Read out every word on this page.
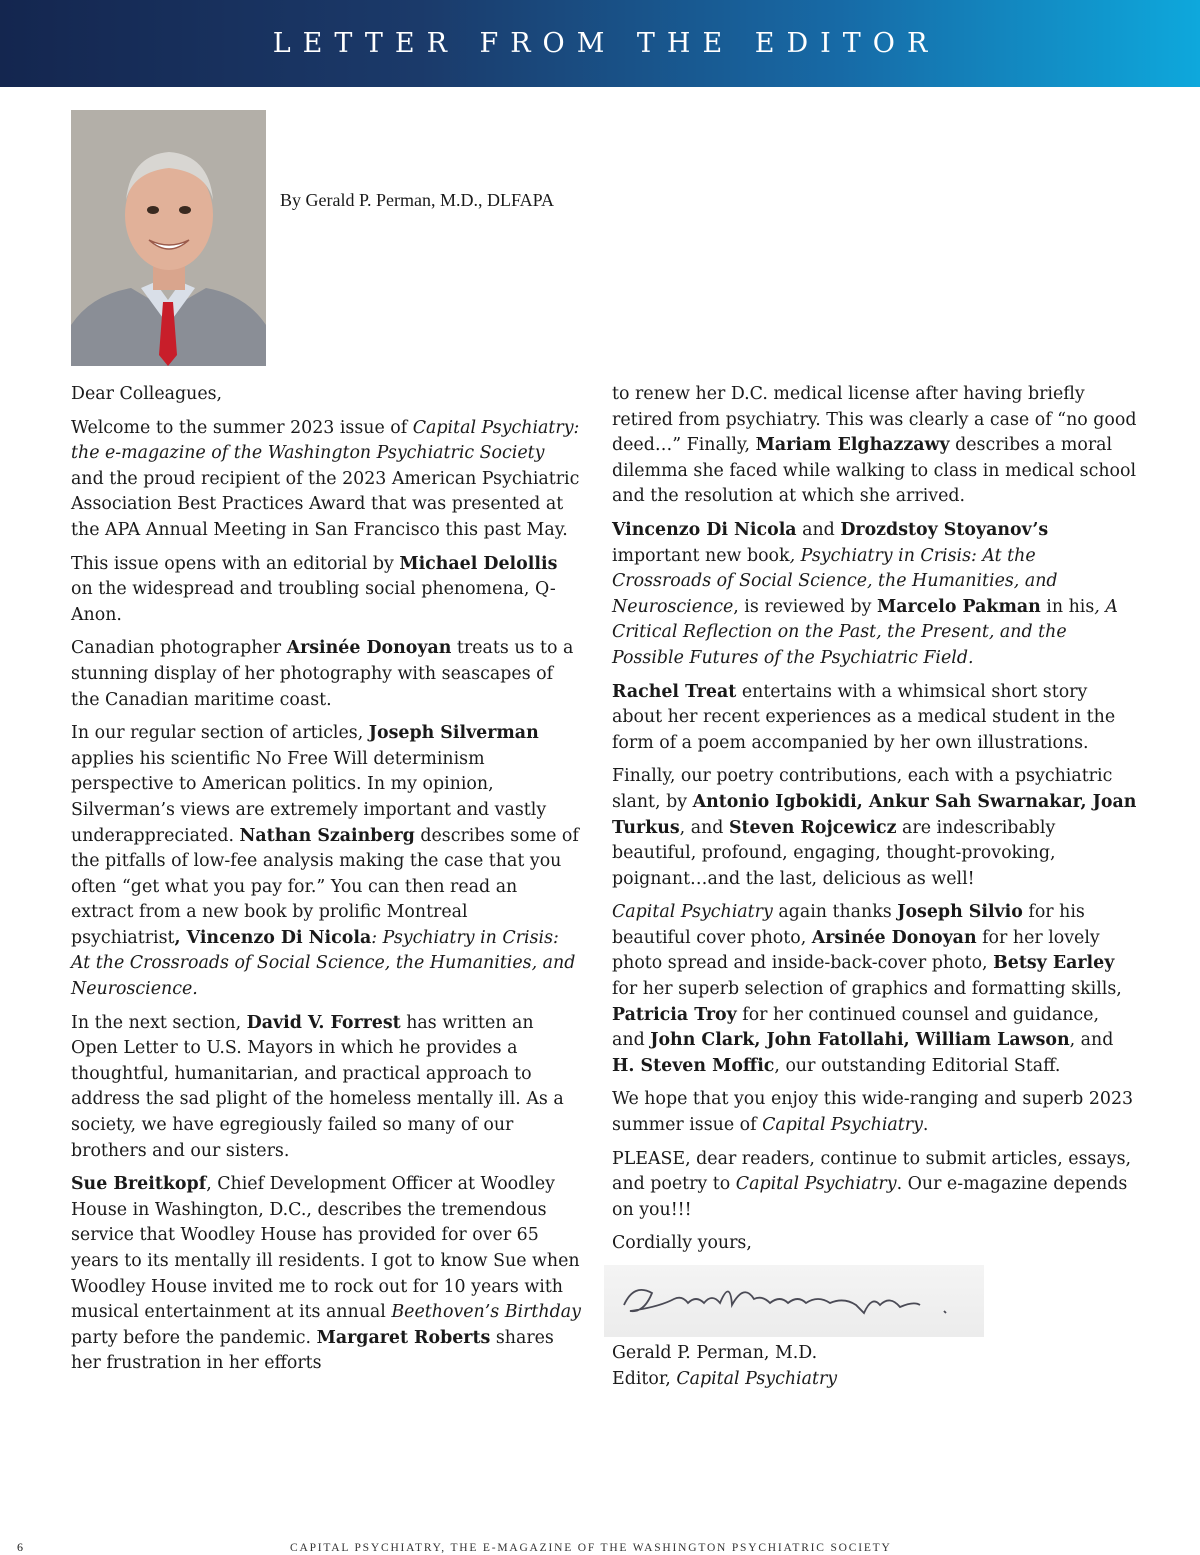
LETTER FROM THE EDITOR
By Gerald P. Perman, M.D., DLFAPA

Dear Colleagues,

Welcome to the summer 2023 issue of Capital Psychiatry: the e-magazine of the Washington Psychiatric Society and the proud recipient of the 2023 American Psychiatric Association Best Practices Award that was presented at the APA Annual Meeting in San Francisco this past May.

This issue opens with an editorial by Michael Delollis on the widespread and troubling social phenomena, Q-Anon.

Canadian photographer Arsinée Donoyan treats us to a stunning display of her photography with seascapes of the Canadian maritime coast.

In our regular section of articles, Joseph Silverman applies his scientific No Free Will determinism perspective to American politics. In my opinion, Silverman’s views are extremely important and vastly underappreciated. Nathan Szainberg describes some of the pitfalls of low-fee analysis making the case that you often “get what you pay for.” You can then read an extract from a new book by prolific Montreal psychiatrist, Vincenzo Di Nicola: Psychiatry in Crisis: At the Crossroads of Social Science, the Humanities, and Neuroscience.

In the next section, David V. Forrest has written an Open Letter to U.S. Mayors in which he provides a thoughtful, humanitarian, and practical approach to address the sad plight of the homeless mentally ill. As a society, we have egregiously failed so many of our brothers and our sisters.

Sue Breitkopf, Chief Development Officer at Woodley House in Washington, D.C., describes the tremendous service that Woodley House has provided for over 65 years to its mentally ill residents. I got to know Sue when Woodley House invited me to rock out for 10 years with musical entertainment at its annual Beethoven’s Birthday party before the pandemic. Margaret Roberts shares her frustration in her efforts

to renew her D.C. medical license after having briefly retired from psychiatry. This was clearly a case of “no good deed…” Finally, Mariam Elghazzawy describes a moral dilemma she faced while walking to class in medical school and the resolution at which she arrived.

Vincenzo Di Nicola and Drozdstoy Stoyanov’s important new book, Psychiatry in Crisis: At the Crossroads of Social Science, the Humanities, and Neuroscience, is reviewed by Marcelo Pakman in his, A Critical Reflection on the Past, the Present, and the Possible Futures of the Psychiatric Field.

Rachel Treat entertains with a whimsical short story about her recent experiences as a medical student in the form of a poem accompanied by her own illustrations.

Finally, our poetry contributions, each with a psychiatric slant, by Antonio Igbokidi, Ankur Sah Swarnakar, Joan Turkus, and Steven Rojcewicz are indescribably beautiful, profound, engaging, thought-provoking, poignant…and the last, delicious as well!

Capital Psychiatry again thanks Joseph Silvio for his beautiful cover photo, Arsinée Donoyan for her lovely photo spread and inside-back-cover photo, Betsy Earley for her superb selection of graphics and formatting skills, Patricia Troy for her continued counsel and guidance, and John Clark, John Fatollahi, William Lawson, and H. Steven Moffic, our outstanding Editorial Staff.

We hope that you enjoy this wide-ranging and superb 2023 summer issue of Capital Psychiatry.

PLEASE, dear readers, continue to submit articles, essays, and poetry to Capital Psychiatry. Our e-magazine depends on you!!!

Cordially yours,

Gerald P. Perman, M.D.

Editor, Capital Psychiatry

6	CAPITAL PSYCHIATRY, THE E-MAGAZINE OF THE WASHINGTON PSYCHIATRIC SOCIETY
